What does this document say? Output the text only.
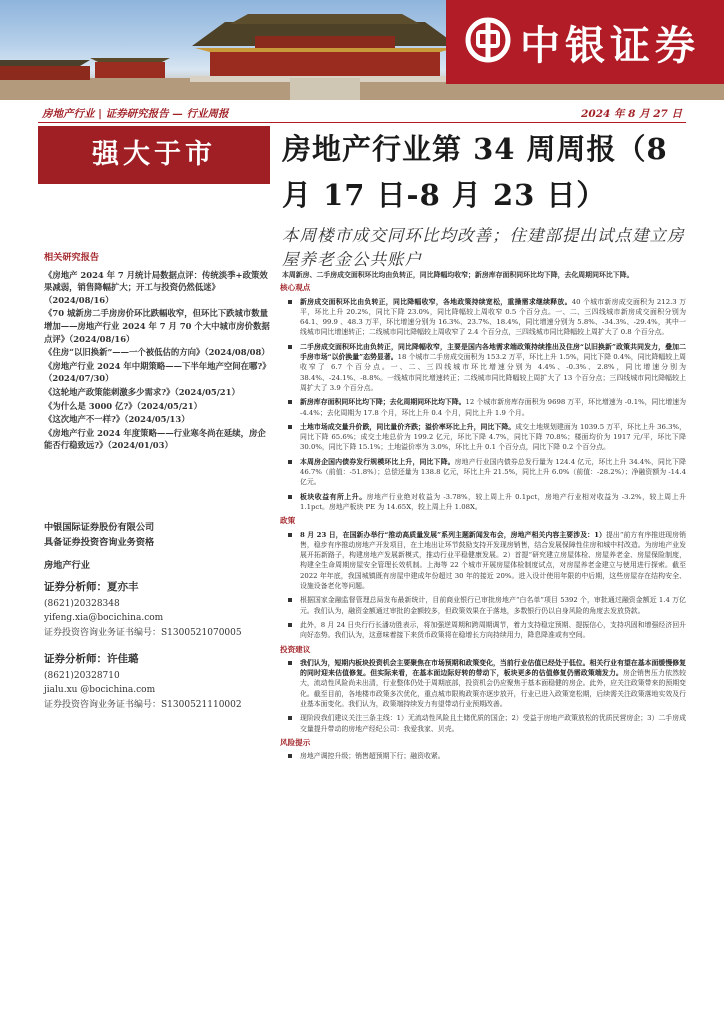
中银证券
房地产行业 | 证券研究报告 — 行业周报	2024 年 8 月 27 日
强大于市
相关研究报告
《房地产 2024 年 7 月统计局数据点评：传统淡季+政策效果减弱，销售降幅扩大；开工与投资仍然低迷》（2024/08/16）
《70 城新房二手房房价环比跌幅收窄，但环比下跌城市数量增加——房地产行业 2024 年 7 月 70 个大中城市房价数据点评》（2024/08/16）
《住房“以旧换新”——一个被低估的方向》（2024/08/08）
《房地产行业 2024 年中期策略——下半年地产空间在哪?》（2024/07/30）
《这轮地产政策能刺激多少需求?》（2024/05/21）
《为什么是 3000 亿?》（2024/05/21）
《这次地产不一样?》（2024/05/13）
《房地产行业 2024 年度策略——行业寒冬尚在延续，房企能否行稳致远?》（2024/01/03）
中银国际证券股份有限公司
具备证券投资咨询业务资格
房地产行业
证券分析师：夏亦丰
(8621)20328348
yifeng.xia@bocichina.com
证券投资咨询业务证书编号：S1300521070005
证券分析师：许佳璐
(8621)20328710
jialu.xu @bocichina.com
证券投资咨询业务证书编号：S1300521110002
房地产行业第 34 周周报（8 月 17 日-8 月 23 日）
本周楼市成交同环比均改善；住建部提出试点建立房屋养老金公共账户
本周新房、二手房成交面积环比均由负转正，同比降幅均收窄；新房库存面积同环比均下降，去化周期同环比下降。
核心观点
新房成交面积环比由负转正，同比降幅收窄，各地政策持续宽松，重操需求继续释放。40 个城市新房成交面积为 212.3 万平，环比上升 20.2%，同比下降 23.0%，同比降幅较上周收窄 0.5 个百分点。一、二、三四线城市新房成交面积分别为 64.1、99.9 、48.3 万平，环比增速分别为 16.3%、23.7%、18.4%，同比增速分别为 5.8%、-34.3%、-29.4%，其中一线城市同比增速转正；二线城市同比降幅较上周收窄了 2.4 个百分点，三四线城市同比降幅较上周扩大了 0.8 个百分点。
二手房成交面积环比由负转正，同比降幅收窄，主要是国内各地需求端政策持续推出及住房“以旧换新”政策共同发力，叠加二手房市场“以价换量”态势显著。18 个城市二手房成交面积为 153.2 万平，环比上升 1.5%，同比下降 0.4%，同比降幅较上周收窄了 6.7 个百分点。一、二、三四线城市环比增速分别为 4.4%、-0.3%、2.8%，同比增速分别为 38.4%、-24.1%、-8.8%。一线城市同比增速转正；二线城市同比降幅较上周扩大了 13 个百分点；三四线城市同比降幅较上周扩大了 3.9 个百分点。
新房库存面积同环比均下降；去化周期同环比均下降。12 个城市新房库存面积为 9698 万平，环比增速为 -0.1%，同比增速为 -4.4%；去化周期为 17.8 个月，环比上升 0.4 个月，同比上升 1.9 个月。
土地市场成交量升价跌，同比量价齐跌；溢价率环比上升，同比下降。成交土地规划建面为 1039.5 万平，环比上升 36.3%，同比下降 65.6%；成交土地总价为 199.2 亿元，环比下降 4.7%，同比下降 70.8%；楼面均价为 1917 元/平，环比下降 30.0%，同比下降 15.1%；土地溢价率为 3.0%，环比上升 0.1 个百分点，同比下降 0.2 个百分点。
本周房企国内债券发行规模环比上升，同比下降。房地产行业国内债券总发行量为 124.4 亿元，环比上升 34.4%，同比下降 46.7%（前值：-51.8%）；总偿还量为 138.8 亿元，环比上升 21.5%，同比上升 6.0%（前值：-28.2%）；净融资额为 -14.4 亿元。
板块收益有所上升。房地产行业绝对收益为 -3.78%，较上周上升 0.1pct，房地产行业相对收益为 -3.2%，较上周上升 1.1pct。房地产板块 PE 为 14.65X，较上周上升 1.08X。
政策
8 月 23 日，在国新办举行“推动高质量发展”系列主题新闻发布会，房地产相关内容主要涉及：1）提出“前方有序推进现房销售，稳步有序推动房地产开发项目，在土地出让环节鼓励支持开发现房销售，结合发展保障性住房和城中村改造。为房地产业发展开拓新路子，构建房地产发展新模式，推动行业平稳健康发展。2）首提“研究建立房屋体检、房屋养老金、房屋保险制度，构建全生命周期房屋安全管理长效机制。上海等 22 个城市开展房屋体检制度试点，对房屋养老金建立与使用进行探索。截至 2022 年年底，我国城镇既有房屋中建成年份超过 30 年的接近 20%。进入设计使用年限的中后期，这些房屋存在结构安全、设施设备老化等问题。
根据国家金融监督管理总局发布最新统计，目前商业银行已审批房地产“白名单”项目 5392 个，审批通过融资金额近 1.4 万亿元。我们认为，融资金额通过审批的金额较多，但政策效果在于落地，多数银行仍以自身风险的角度去发放贷款。
此外，8 月 24 日央行行长潘功胜表示，将加强逆周期和跨周期调节，着力支持稳定预期、提振信心，支持巩固和增强经济回升向好态势。我们认为，这意味着接下来货币政策将在稳增长方向持续用力，降息降准或有空间。
投资建议
我们认为，短期内板块投资机会主要聚焦在市场预期和政策变化，当前行业估值已经处于低位。相关行业有望在基本面缓慢修复的同时迎来估值修复。但实际来看，在基本面边际好转的带动下，板块更多的估值修复仍需政策端发力。房企销售压力依然较大，流动性风险尚未出清，行业整体仍处于周期底部，投资机会仍应聚焦于基本面稳健的房企。此外，应关注政策带来的预期变化。截至目前，各地楼市政策多次优化，重点城市限购政策亦逐步放开，行业已进入政策宽松期，后续需关注政策落地实效及行业基本面变化。我们认为，政策端持续发力有望带动行业预期改善。
现阶段我们建议关注三条主线：1）无流动性风险且土储优质的国企；2）受益于房地产政策放松的优质民营房企；3）二手房成交量提升带动的房地产经纪公司：我爱我家、贝壳。
风险提示
房地产调控升级；销售超预期下行；融资收紧。
